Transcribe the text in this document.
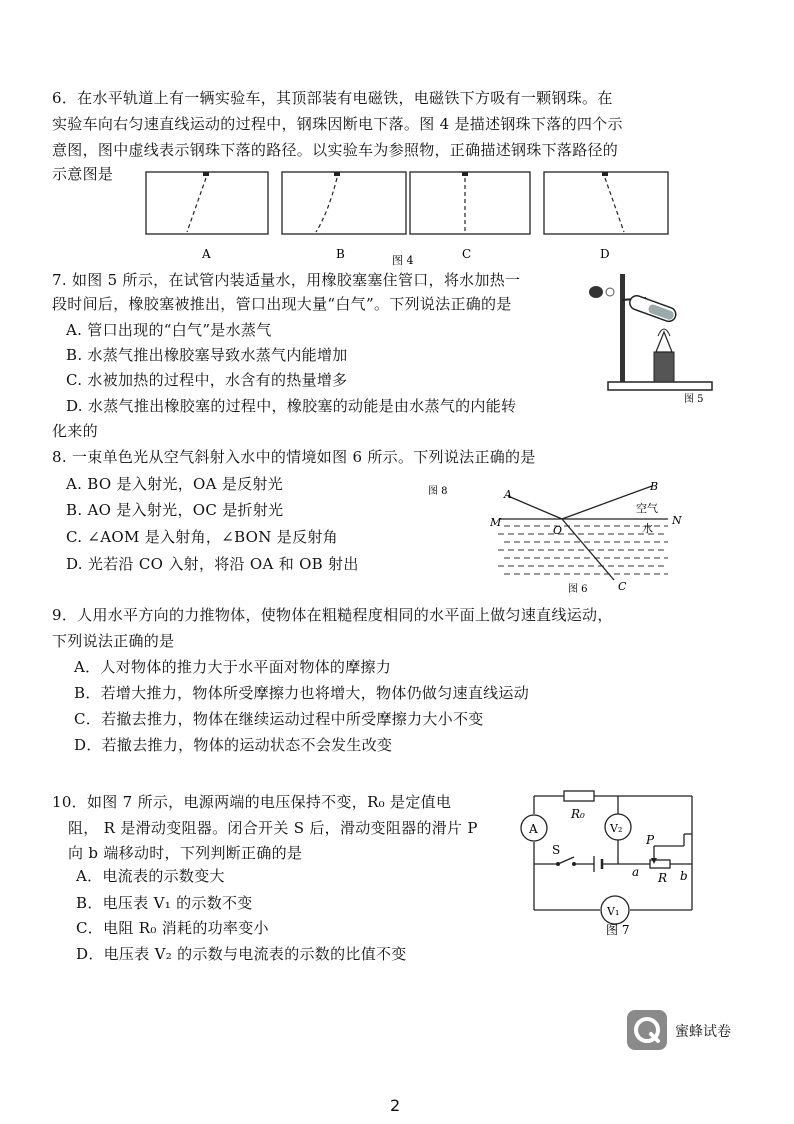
6．在水平轨道上有一辆实验车，其顶部装有电磁铁，电磁铁下方吸有一颗钢珠。在
实验车向右匀速直线运动的过程中，钢珠因断电下落。图 4 是描述钢珠下落的四个示
意图，图中虚线表示钢珠下落的路径。以实验车为参照物，正确描述钢珠下落路径的
示意图是
A	B	C
图 4	D
7. 如图 5 所示，在试管内装适量水，用橡胶塞塞住管口，将水加热一
段时间后，橡胶塞被推出，管口出现大量“白气”。下列说法正确的是
A. 管口出现的“白气”是水蒸气
B. 水蒸气推出橡胶塞导致水蒸气内能增加
C. 水被加热的过程中，水含有的热量增多
D. 水蒸气推出橡胶塞的过程中，橡胶塞的动能是由水蒸气的内能转
化来的
图 5
8. 一束单色光从空气斜射入水中的情境如图 6 所示。下列说法正确的是
A. BO 是入射光，OA 是反射光
B. AO 是入射光，OC 是折射光
C. ∠AOM 是入射角，∠BON 是反射角
D. 光若沿 CO 入射，将沿 OA 和 OB 射出
图 8	A
B
C
O
M	N
空气
水
图 6
9．人用水平方向的力推物体，使物体在粗糙程度相同的水平面上做匀速直线运动，
下列说法正确的是
A．人对物体的推力大于水平面对物体的摩擦力
B．若增大推力，物体所受摩擦力也将增大，物体仍做匀速直线运动
C．若撤去推力，物体在继续运动过程中所受摩擦力大小不变
D．若撤去推力，物体的运动状态不会发生改变
10．如图 7 所示，电源两端的电压保持不变，R₀ 是定值电
阻， R 是滑动变阻器。闭合开关 S 后，滑动变阻器的滑片 P
向 b 端移动时，下列判断正确的是
A．电流表的示数变大
B．电压表 V₁ 的示数不变
C．电阻 R₀ 消耗的功率变小
D．电压表 V₂ 的示数与电流表的示数的比值不变
A	V₂
S
V₁
R₀
P
a R b
图 7
蜜蜂试卷
2
